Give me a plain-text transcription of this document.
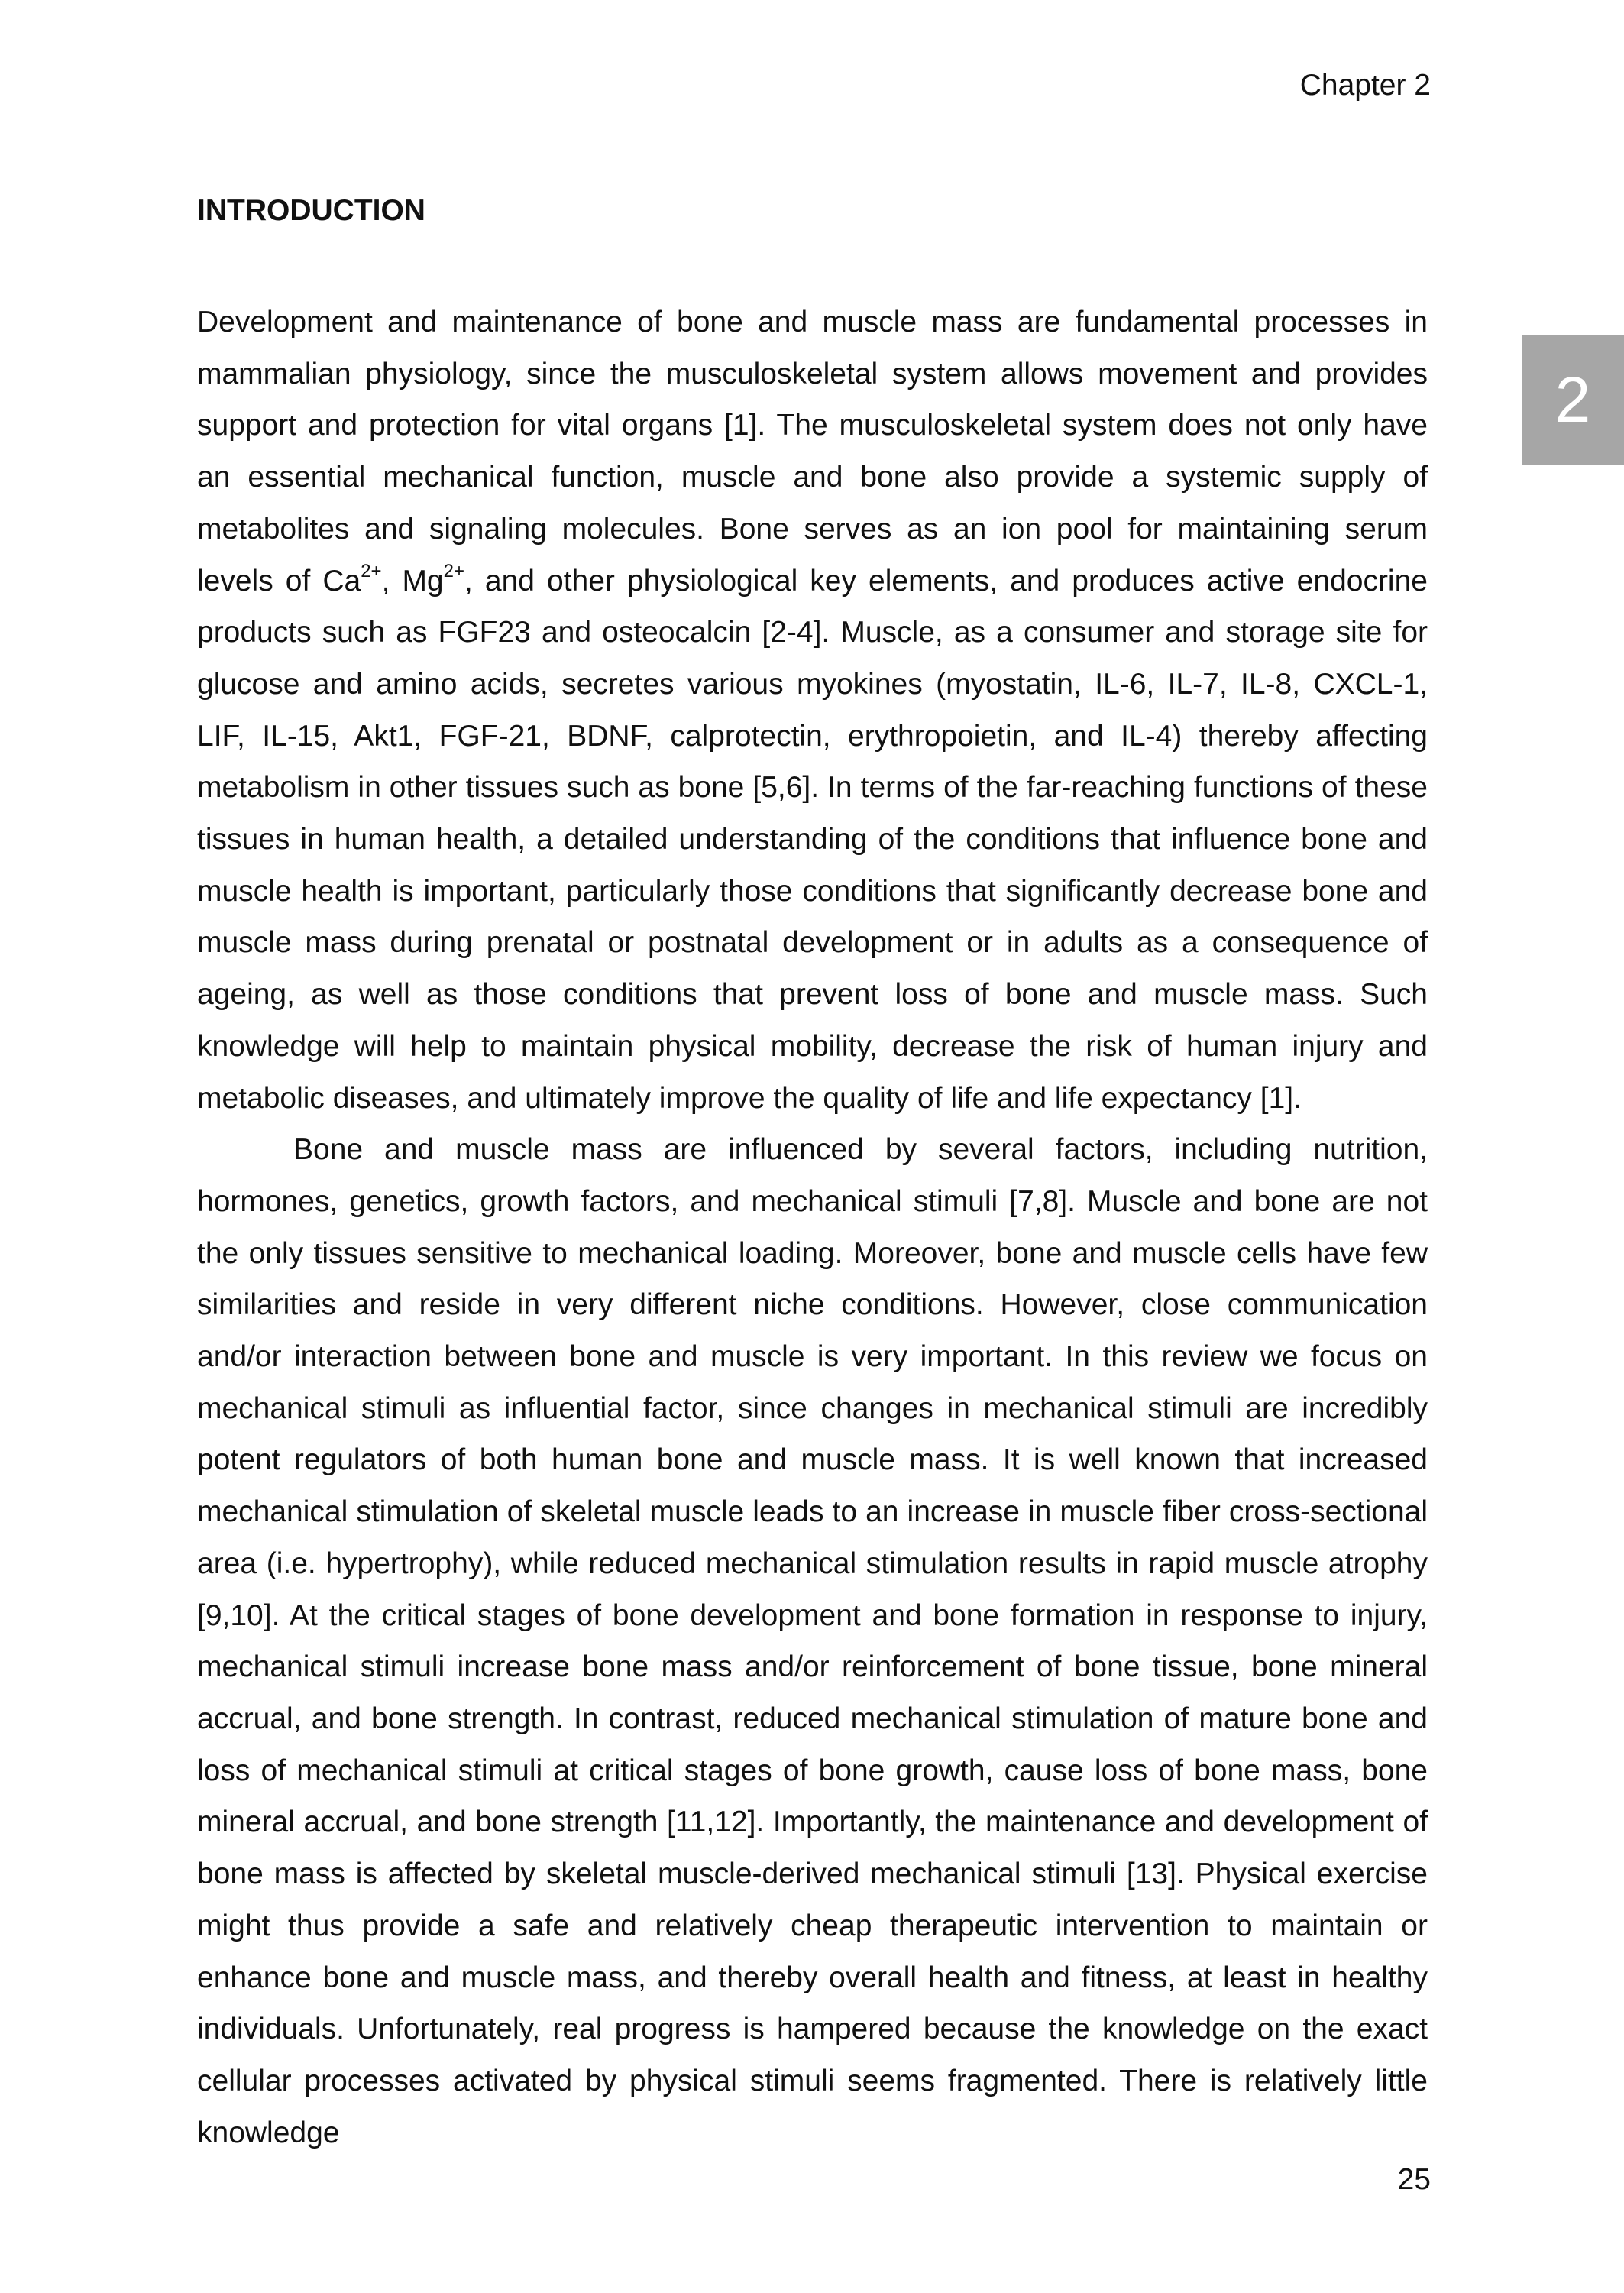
Chapter 2
2
INTRODUCTION

Development and maintenance of bone and muscle mass are fundamental processes in mammalian physiology, since the musculoskeletal system allows movement and provides support and protection for vital organs [1]. The musculoskeletal system does not only have an essential mechanical function, muscle and bone also provide a systemic supply of metabolites and signaling molecules. Bone serves as an ion pool for maintaining serum levels of $Ca^{2+}$, $Mg^{2+}$, and other physiological key elements, and produces active endocrine products such as FGF23 and osteocalcin [2-4]. Muscle, as a consumer and storage site for glucose and amino acids, secretes various myokines (myostatin, IL-6, IL-7, IL-8, CXCL-1, LIF, IL-15, Akt1, FGF-21, BDNF, calprotectin, erythropoietin, and IL-4) thereby affecting metabolism in other tissues such as bone [5,6]. In terms of the far-reaching functions of these tissues in human health, a detailed understanding of the conditions that influence bone and muscle health is important, particularly those conditions that significantly decrease bone and muscle mass during prenatal or postnatal development or in adults as a consequence of ageing, as well as those conditions that prevent loss of bone and muscle mass. Such knowledge will help to maintain physical mobility, decrease the risk of human injury and metabolic diseases, and ultimately improve the quality of life and life expectancy [1].

Bone and muscle mass are influenced by several factors, including nutrition, hormones, genetics, growth factors, and mechanical stimuli [7,8]. Muscle and bone are not the only tissues sensitive to mechanical loading. Moreover, bone and muscle cells have few similarities and reside in very different niche conditions. However, close communication and/or interaction between bone and muscle is very important. In this review we focus on mechanical stimuli as influential factor, since changes in mechanical stimuli are incredibly potent regulators of both human bone and muscle mass. It is well known that increased mechanical stimulation of skeletal muscle leads to an increase in muscle fiber cross-sectional area (i.e. hypertrophy), while reduced mechanical stimulation results in rapid muscle atrophy [9,10]. At the critical stages of bone development and bone formation in response to injury, mechanical stimuli increase bone mass and/or reinforcement of bone tissue, bone mineral accrual, and bone strength. In contrast, reduced mechanical stimulation of mature bone and loss of mechanical stimuli at critical stages of bone growth, cause loss of bone mass, bone mineral accrual, and bone strength [11,12]. Importantly, the maintenance and development of bone mass is affected by skeletal muscle-derived mechanical stimuli [13]. Physical exercise might thus provide a safe and relatively cheap therapeutic intervention to maintain or enhance bone and muscle mass, and thereby overall health and fitness, at least in healthy individuals. Unfortunately, real progress is hampered because the knowledge on the exact cellular processes activated by physical stimuli seems fragmented. There is relatively little knowledge

25
